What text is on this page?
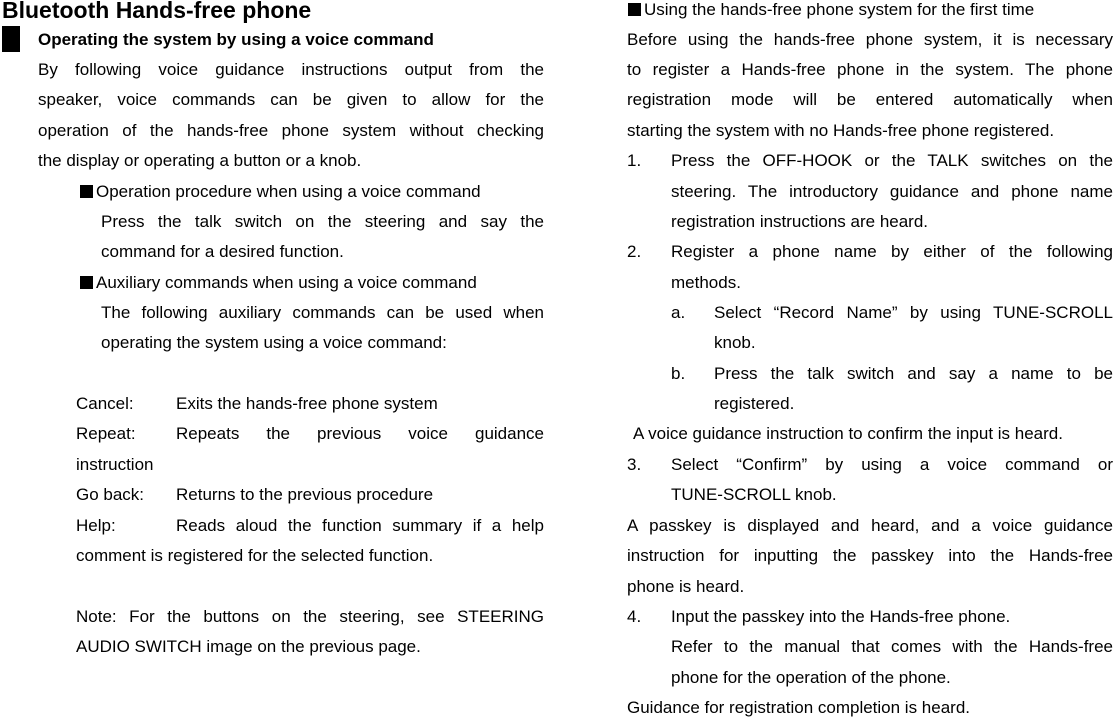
Bluetooth Hands-free phone
Operating the system by using a voice command
By following voice guidance instructions output from the
speaker, voice commands can be given to allow for the
operation of the hands-free phone system without checking
the display or operating a button or a knob.
Operation procedure when using a voice command
Press the talk switch on the steering and say the
command for a desired function.
Auxiliary commands when using a voice command
The following auxiliary commands can be used when
operating the system using a voice command:
Cancel: Exits the hands-free phone system
Repeat: Repeats the previous voice guidance
instruction
Go back: Returns to the previous procedure
Help:	Reads aloud the function summary if a help
comment is registered for the selected function.
Note: For the buttons on the steering, see STEERING
AUDIO SWITCH image on the previous page.
Using the hands-free phone system for the first time
Before using the hands-free phone system, it is necessary
to register a Hands-free phone in the system. The phone
registration mode will be entered automatically when
starting the system with no Hands-free phone registered.
1. Press the OFF-HOOK or the TALK switches on the
steering. The introductory guidance and phone name
registration instructions are heard.
2. Register a phone name by either of the following
methods.
a. Select “Record Name” by using TUNE-SCROLL
knob.
b. Press the talk switch and say a name to be
registered.
A voice guidance instruction to confirm the input is heard.
3. Select “Confirm” by using a voice command or
TUNE-SCROLL knob.
A passkey is displayed and heard, and a voice guidance
instruction for inputting the passkey into the Hands-free
phone is heard.
4. Input the passkey into the Hands-free phone.
Refer to the manual that comes with the Hands-free
phone for the operation of the phone.
Guidance for registration completion is heard.
